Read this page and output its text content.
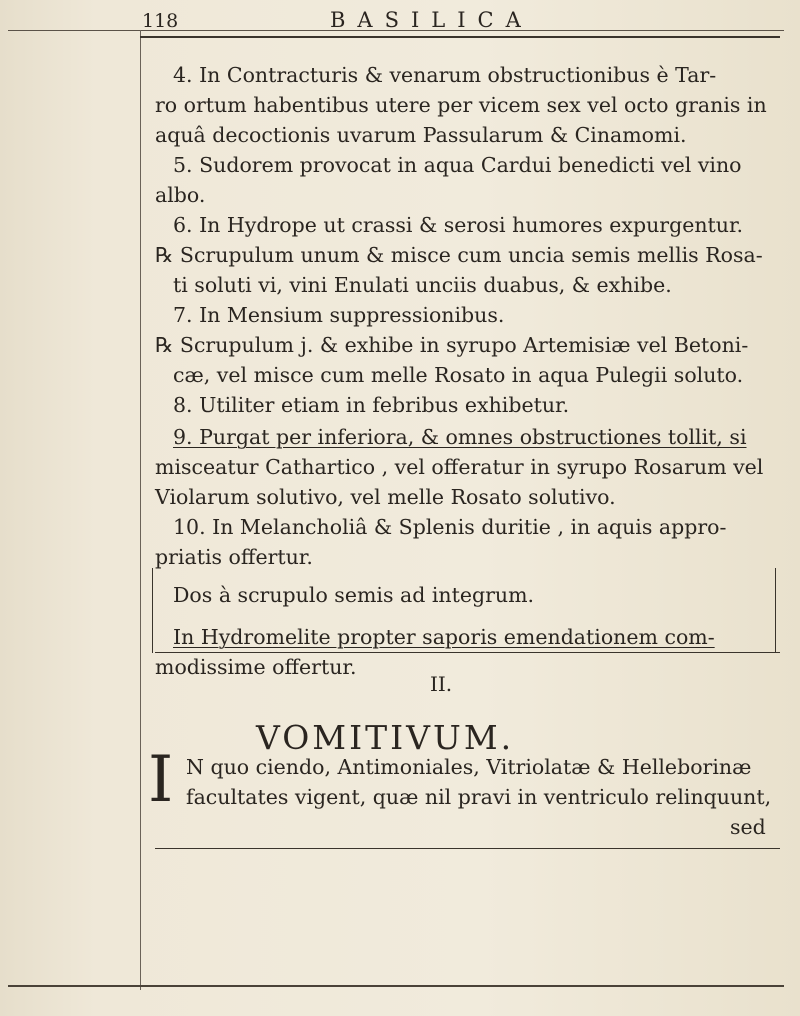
118	BASILICA
4. In Contracturis & venarum obstructionibus è Tar-
ro ortum habentibus utere per vicem sex vel octo granis in
aquâ decoctionis uvarum Passularum & Cinamomi.
5. Sudorem provocat in aqua Cardui benedicti vel vino
albo.
6. In Hydrope ut crassi & serosi humores expurgentur.
℞ Scrupulum unum & misce cum uncia semis mellis Rosa-
ti soluti vi, vini Enulati unciis duabus, & exhibe.
7. In Mensium suppressionibus.
℞ Scrupulum j. & exhibe in syrupo Artemisiæ vel Betoni-
cæ, vel misce cum melle Rosato in aqua Pulegii soluto.
8. Utiliter etiam in febribus exhibetur.
9. Purgat per inferiora, & omnes obstructiones tollit, si
misceatur Cathartico , vel offeratur in syrupo Rosarum vel
Violarum solutivo, vel melle Rosato solutivo.
10. In Melancholiâ & Splenis duritie , in aquis appro-
priatis offertur.
Dos à scrupulo semis ad integrum.
In Hydromelite propter saporis emendationem com-
modissime offertur.
II.
VOMITIVUM.
I N quo ciendo, Antimoniales, Vitriolatæ & Helleborinæ
facultates vigent, quæ nil pravi in ventriculo relinquunt,
sed
